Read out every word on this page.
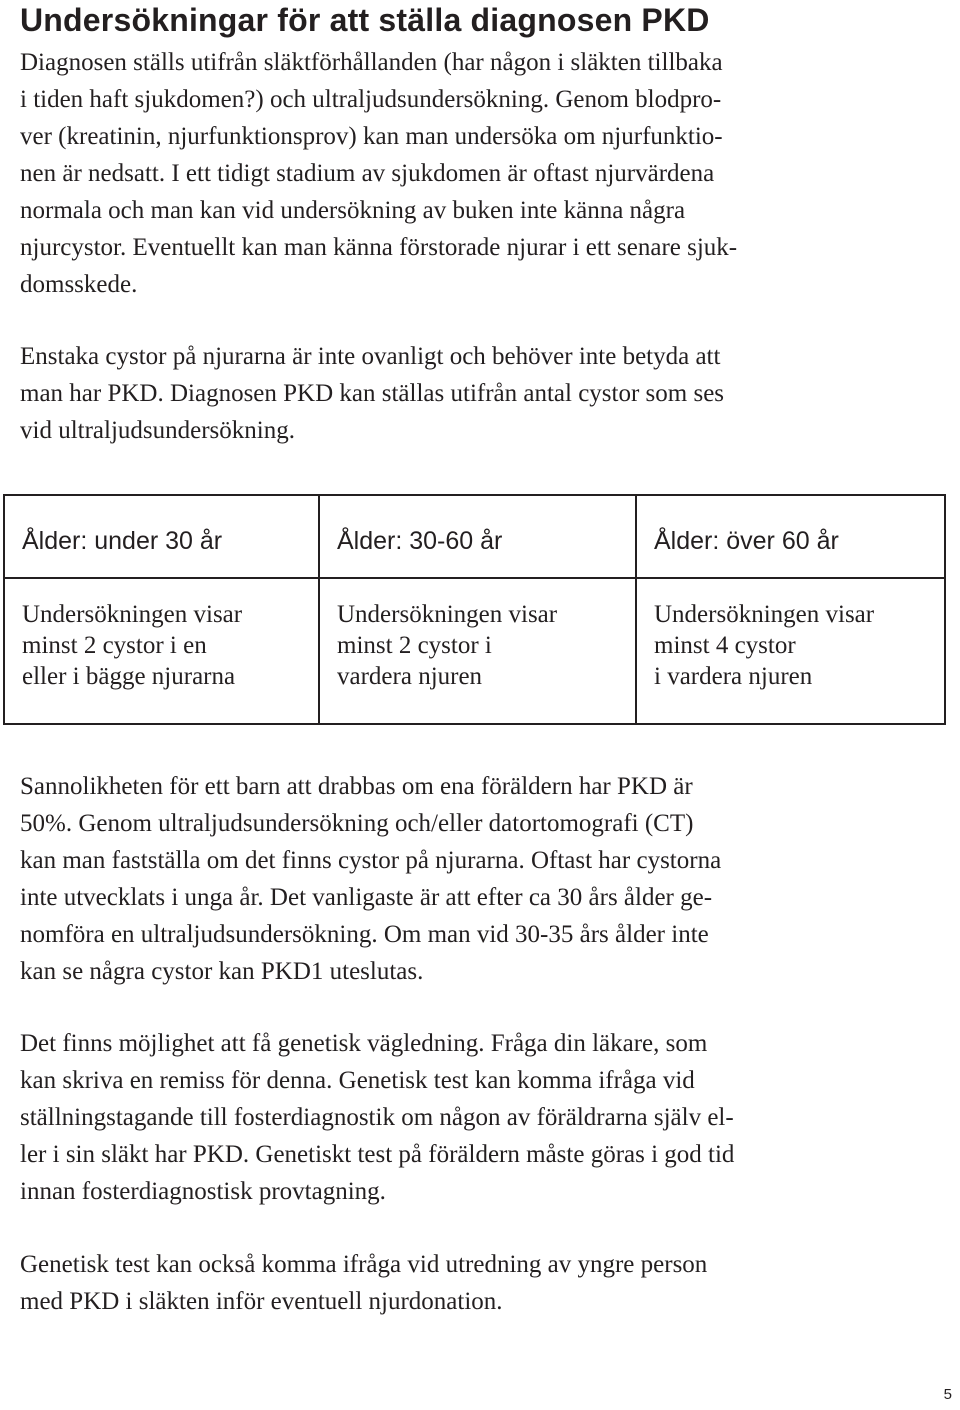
Undersökningar för att ställa diagnosen PKD

Diagnosen ställs utifrån släktförhållanden (har någon i släkten tillbaka
i tiden haft sjukdomen?) och ultraljudsundersökning. Genom blodpro-
ver (kreatinin, njurfunktionsprov) kan man undersöka om njurfunktio-
nen är nedsatt. I ett tidigt stadium av sjukdomen är oftast njurvärdena
normala och man kan vid undersökning av buken inte känna några
njurcystor. Eventuellt kan man känna förstorade njurar i ett senare sjuk-
domsskede.

Enstaka cystor på njurarna är inte ovanligt och behöver inte betyda att
man har PKD. Diagnosen PKD kan ställas utifrån antal cystor som ses
vid ultraljudsundersökning.

Ålder: under 30 år	Ålder: 30-60 år	Ålder: över 60 år
Undersökningen visar
minst 2 cystor i en
eller i bägge njurarna
Undersökningen visar
minst 2 cystor i
vardera njuren
Undersökningen visar
minst 4 cystor
i vardera njuren

Sannolikheten för ett barn att drabbas om ena föräldern har PKD är
50%. Genom ultraljudsundersökning och/eller datortomografi (CT)
kan man fastställa om det finns cystor på njurarna. Oftast har cystorna
inte utvecklats i unga år. Det vanligaste är att efter ca 30 års ålder ge-
nomföra en ultraljudsundersökning. Om man vid 30-35 års ålder inte
kan se några cystor kan PKD1 uteslutas.

Det finns möjlighet att få genetisk vägledning. Fråga din läkare, som
kan skriva en remiss för denna. Genetisk test kan komma ifråga vid
ställningstagande till fosterdiagnostik om någon av föräldrarna själv el-
ler i sin släkt har PKD. Genetiskt test på föräldern måste göras i god tid
innan fosterdiagnostisk provtagning.

Genetisk test kan också komma ifråga vid utredning av yngre person
med PKD i släkten inför eventuell njurdonation.

5
